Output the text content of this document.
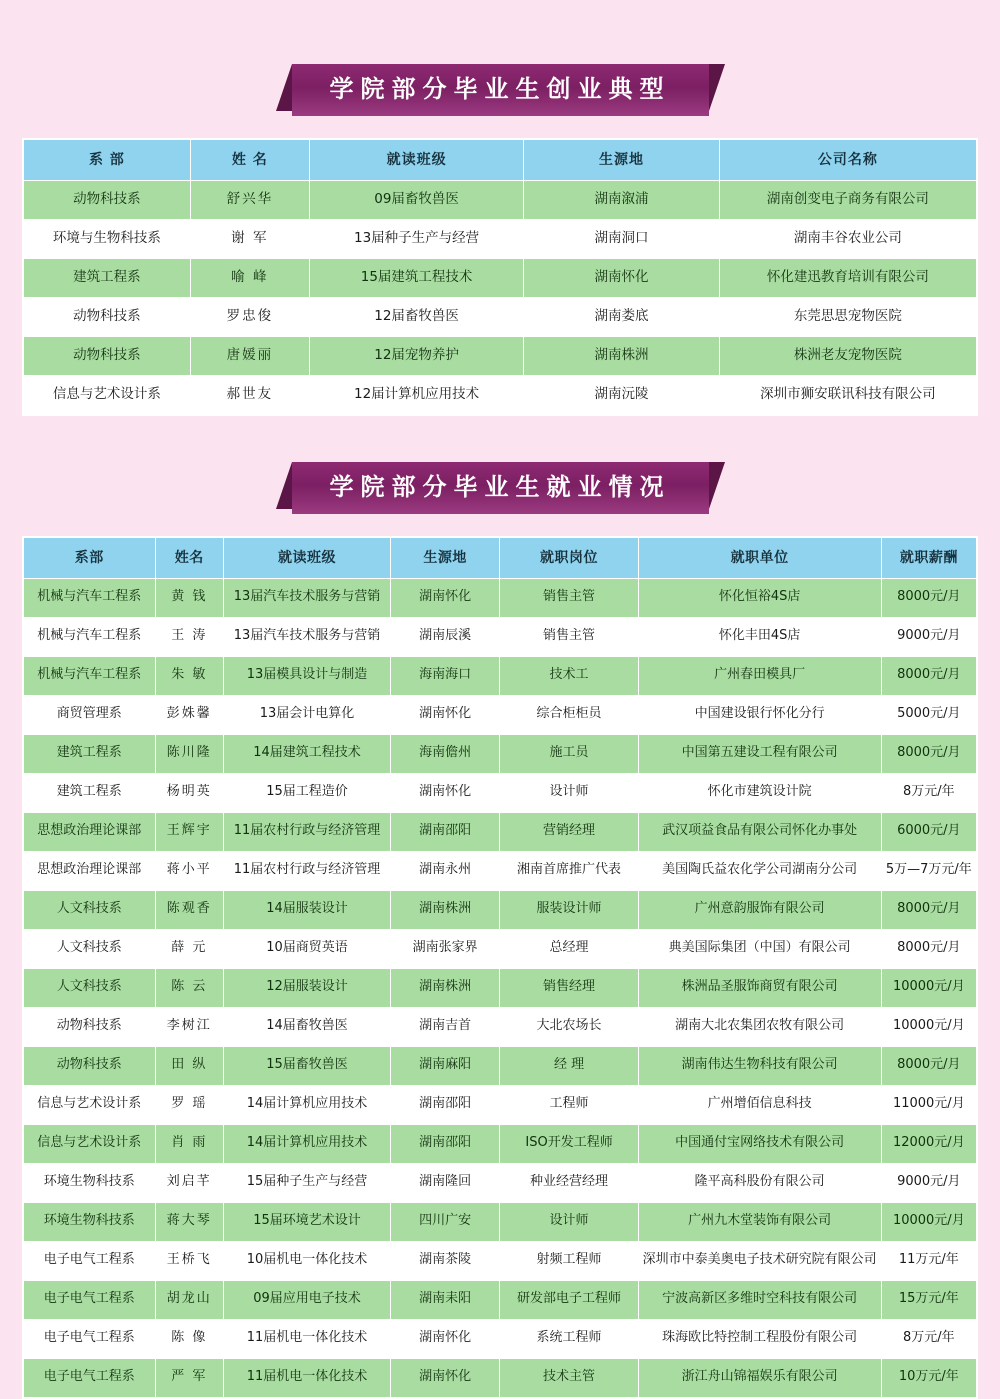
学院部分毕业生创业典型
系 部	姓 名	就读班级	生源地	公司名称
动物科技系	舒兴华	09届畜牧兽医	湖南溆浦	湖南创变电子商务有限公司
环境与生物科技系	谢 军	13届种子生产与经营	湖南洞口	湖南丰谷农业公司
建筑工程系	喻 峰	15届建筑工程技术	湖南怀化	怀化建迅教育培训有限公司
动物科技系	罗忠俊	12届畜牧兽医	湖南娄底	东莞思思宠物医院
动物科技系	唐媛丽	12届宠物养护	湖南株洲	株洲老友宠物医院
信息与艺术设计系	郝世友	12届计算机应用技术	湖南沅陵	深圳市狮安联讯科技有限公司
学院部分毕业生就业情况
系部	姓名	就读班级	生源地	就职岗位	就职单位	就职薪酬
机械与汽车工程系	黄 钱	13届汽车技术服务与营销	湖南怀化	销售主管	怀化恒裕4S店	8000元/月
机械与汽车工程系	王 涛	13届汽车技术服务与营销	湖南辰溪	销售主管	怀化丰田4S店	9000元/月
机械与汽车工程系	朱 敏	13届模具设计与制造	海南海口	技术工	广州春田模具厂	8000元/月
商贸管理系	彭姝馨	13届会计电算化	湖南怀化	综合柜柜员	中国建设银行怀化分行	5000元/月
建筑工程系	陈川隆	14届建筑工程技术	海南儋州	施工员	中国第五建设工程有限公司	8000元/月
建筑工程系	杨明英	15届工程造价	湖南怀化	设计师	怀化市建筑设计院	8万元/年
思想政治理论课部	王辉宇	11届农村行政与经济管理	湖南邵阳	营销经理	武汉项益食品有限公司怀化办事处	6000元/月
思想政治理论课部	蒋小平	11届农村行政与经济管理	湖南永州	湘南首席推广代表	美国陶氏益农化学公司湖南分公司	5万—7万元/年
人文科技系	陈观香	14届服装设计	湖南株洲	服装设计师	广州意韵服饰有限公司	8000元/月
人文科技系	薛 元	10届商贸英语	湖南张家界	总经理	典美国际集团（中国）有限公司	8000元/月
人文科技系	陈 云	12届服装设计	湖南株洲	销售经理	株洲品圣服饰商贸有限公司	10000元/月
动物科技系	李树江	14届畜牧兽医	湖南吉首	大北农场长	湖南大北农集团农牧有限公司	10000元/月
动物科技系	田 纵	15届畜牧兽医	湖南麻阳	经 理	湖南伟达生物科技有限公司	8000元/月
信息与艺术设计系	罗 瑶	14届计算机应用技术	湖南邵阳	工程师	广州增佰信息科技	11000元/月
信息与艺术设计系	肖 雨	14届计算机应用技术	湖南邵阳	ISO开发工程师	中国通付宝网络技术有限公司	12000元/月
环境生物科技系	刘启芊	15届种子生产与经营	湖南隆回	种业经营经理	隆平高科股份有限公司	9000元/月
环境生物科技系	蒋大琴	15届环境艺术设计	四川广安	设计师	广州九木堂装饰有限公司	10000元/月
电子电气工程系	王桥飞	10届机电一体化技术	湖南茶陵	射频工程师	深圳市中泰美奥电子技术研究院有限公司	11万元/年
电子电气工程系	胡龙山	09届应用电子技术	湖南耒阳	研发部电子工程师	宁波高新区多维时空科技有限公司	15万元/年
电子电气工程系	陈 像	11届机电一体化技术	湖南怀化	系统工程师	珠海欧比特控制工程股份有限公司	8万元/年
电子电气工程系	严 军	11届机电一体化技术	湖南怀化	技术主管	浙江舟山锦福娱乐有限公司	10万元/年
